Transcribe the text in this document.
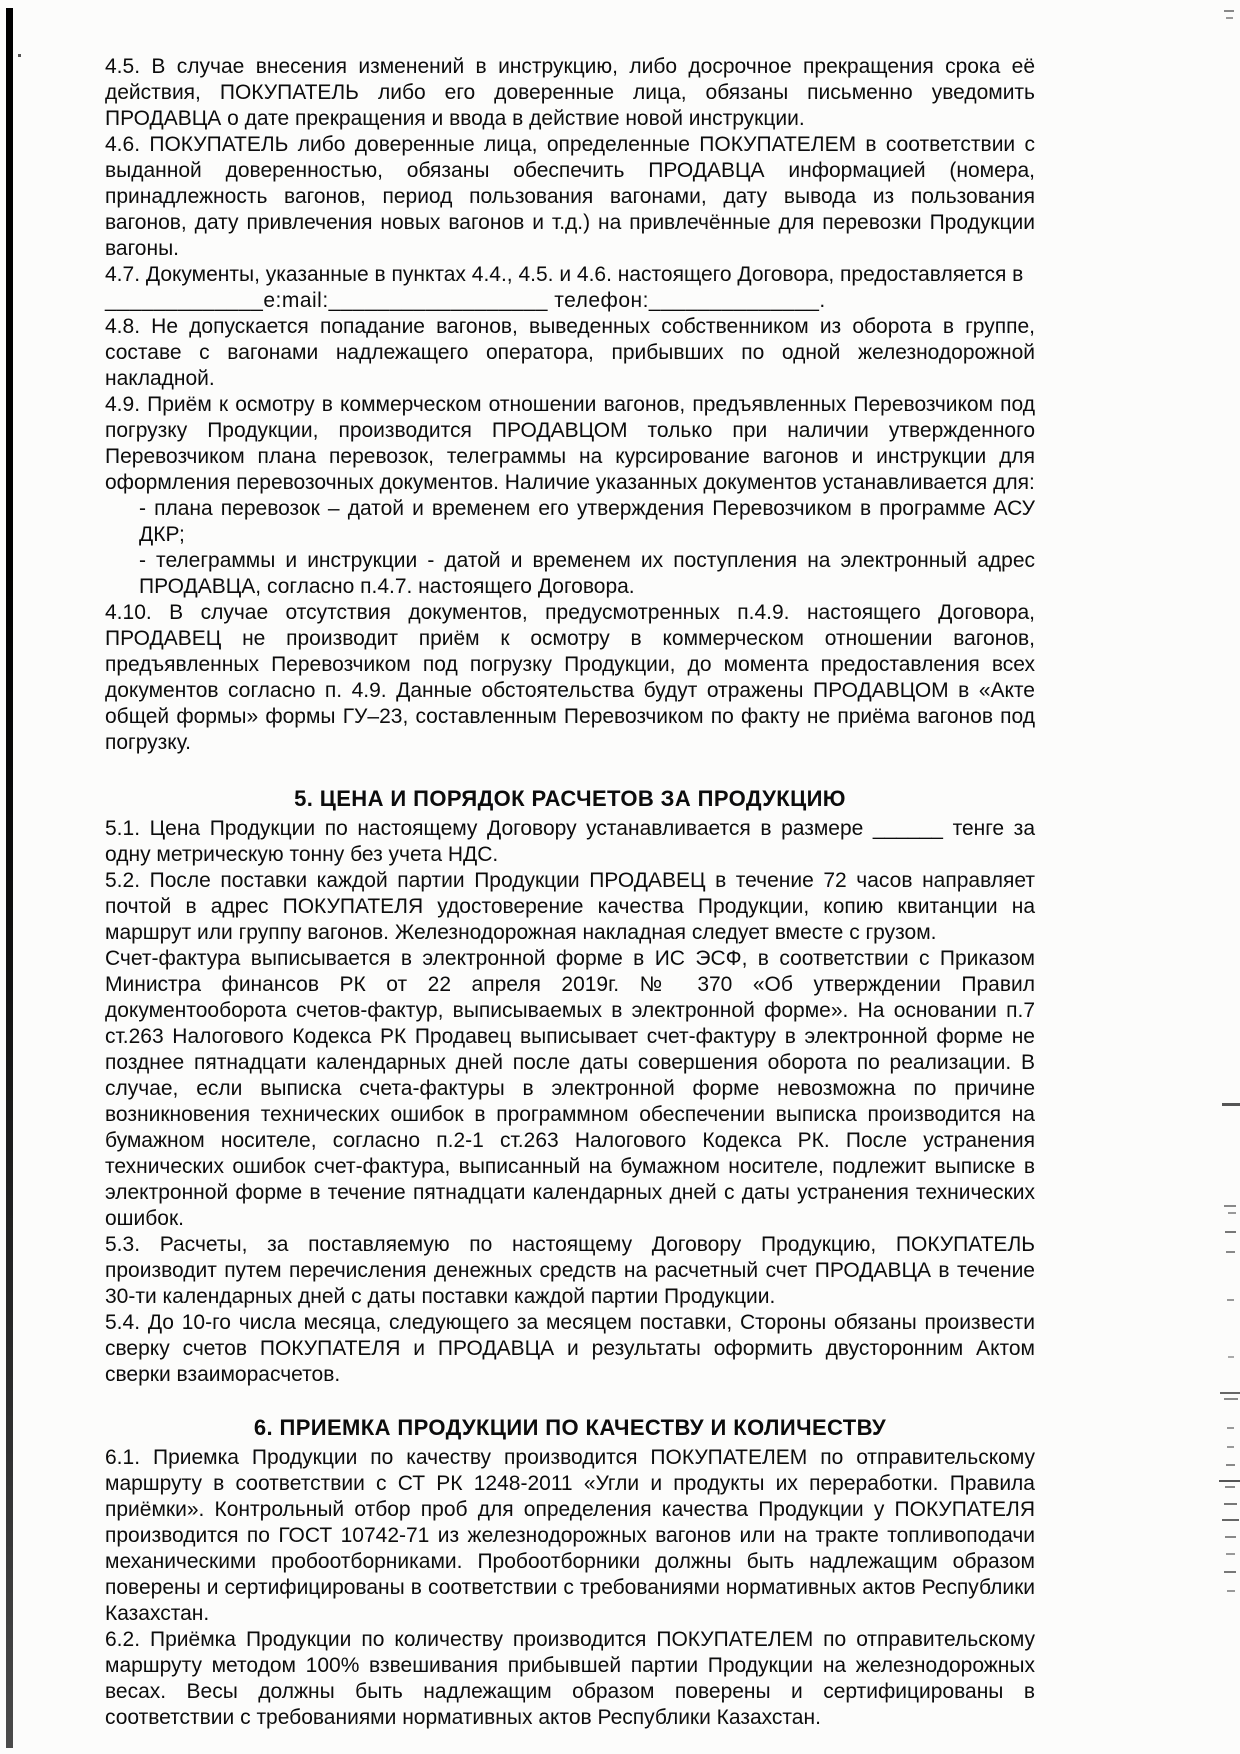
4.5. В случае внесения изменений в инструкцию, либо досрочное прекращения срока её действия, ПОКУПАТЕЛЬ либо его доверенные лица, обязаны письменно уведомить ПРОДАВЦА о дате прекращения и ввода в действие новой инструкции.

4.6. ПОКУПАТЕЛЬ либо доверенные лица, определенные ПОКУПАТЕЛЕМ в соответствии с выданной доверенностью, обязаны обеспечить ПРОДАВЦА информацией (номера, принадлежность вагонов, период пользования вагонами, дату вывода из пользования вагонов, дату привлечения новых вагонов и т.д.) на привлечённые для перевозки Продукции вагоны.

4.7. Документы, указанные в пунктах 4.4., 4.5. и 4.6. настоящего Договора, предоставляется в

_____________e:mail:__________________ телефон:______________.

4.8. Не допускается попадание вагонов, выведенных собственником из оборота в группе, составе с вагонами надлежащего оператора, прибывших по одной железнодорожной накладной.

4.9. Приём к осмотру в коммерческом отношении вагонов, предъявленных Перевозчиком под погрузку Продукции, производится ПРОДАВЦОМ только при наличии утвержденного Перевозчиком плана перевозок, телеграммы на курсирование вагонов и инструкции для оформления перевозочных документов. Наличие указанных документов устанавливается для:

- плана перевозок – датой и временем его утверждения Перевозчиком в программе АСУ ДКР;

- телеграммы и инструкции - датой и временем их поступления на электронный адрес ПРОДАВЦА, согласно п.4.7. настоящего Договора.

4.10. В случае отсутствия документов, предусмотренных п.4.9. настоящего Договора, ПРОДАВЕЦ не производит приём к осмотру в коммерческом отношении вагонов, предъявленных Перевозчиком под погрузку Продукции, до момента предоставления всех документов согласно п. 4.9. Данные обстоятельства будут отражены ПРОДАВЦОМ в «Акте общей формы» формы ГУ–23, составленным Перевозчиком по факту не приёма вагонов под погрузку.

5. ЦЕНА И ПОРЯДОК РАСЧЕТОВ ЗА ПРОДУКЦИЮ

5.1. Цена Продукции по настоящему Договору устанавливается в размере ______ тенге за одну метрическую тонну без учета НДС.

5.2. После поставки каждой партии Продукции ПРОДАВЕЦ в течение 72 часов направляет почтой в адрес ПОКУПАТЕЛЯ удостоверение качества Продукции, копию квитанции на маршрут или группу вагонов. Железнодорожная накладная следует вместе с грузом.

Счет-фактура выписывается в электронной форме в ИС ЭСФ, в соответствии с Приказом Министра финансов РК от 22 апреля 2019г. № 370 «Об утверждении Правил документооборота счетов-фактур, выписываемых в электронной форме». На основании п.7 ст.263 Налогового Кодекса РК Продавец выписывает счет-фактуру в электронной форме не позднее пятнадцати календарных дней после даты совершения оборота по реализации. В случае, если выписка счета-фактуры в электронной форме невозможна по причине возникновения технических ошибок в программном обеспечении выписка производится на бумажном носителе, согласно п.2-1 ст.263 Налогового Кодекса РК. После устранения технических ошибок счет-фактура, выписанный на бумажном носителе, подлежит выписке в электронной форме в течение пятнадцати календарных дней с даты устранения технических ошибок.

5.3. Расчеты, за поставляемую по настоящему Договору Продукцию, ПОКУПАТЕЛЬ производит путем перечисления денежных средств на расчетный счет ПРОДАВЦА в течение 30-ти календарных дней с даты поставки каждой партии Продукции.

5.4. До 10-го числа месяца, следующего за месяцем поставки, Стороны обязаны произвести сверку счетов ПОКУПАТЕЛЯ и ПРОДАВЦА и результаты оформить двусторонним Актом сверки взаиморасчетов.

6. ПРИЕМКА ПРОДУКЦИИ ПО КАЧЕСТВУ И КОЛИЧЕСТВУ

6.1. Приемка Продукции по качеству производится ПОКУПАТЕЛЕМ по отправительскому маршруту в соответствии с СТ РК 1248-2011 «Угли и продукты их переработки. Правила приёмки». Контрольный отбор проб для определения качества Продукции у ПОКУПАТЕЛЯ производится по ГОСТ 10742-71 из железнодорожных вагонов или на тракте топливоподачи механическими пробоотборниками. Пробоотборники должны быть надлежащим образом поверены и сертифицированы в соответствии с требованиями нормативных актов Республики Казахстан.

6.2. Приёмка Продукции по количеству производится ПОКУПАТЕЛЕМ по отправительскому маршруту методом 100% взвешивания прибывшей партии Продукции на железнодорожных весах. Весы должны быть надлежащим образом поверены и сертифицированы в соответствии с требованиями нормативных актов Республики Казахстан.
